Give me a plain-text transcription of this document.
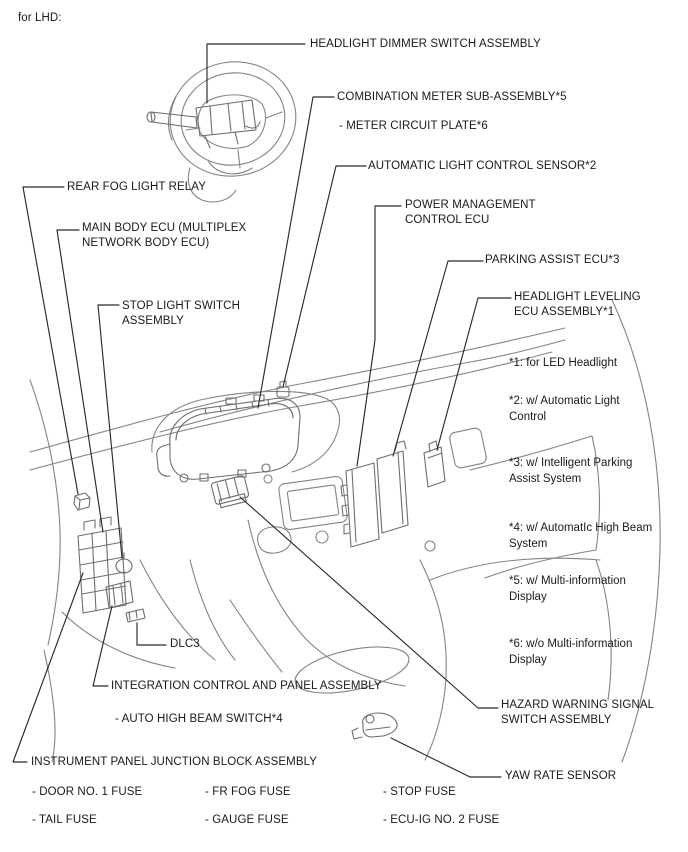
for LHD:
HEADLIGHT DIMMER SWITCH ASSEMBLY
COMBINATION METER SUB-ASSEMBLY*5
- METER CIRCUIT PLATE*6
AUTOMATIC LIGHT CONTROL SENSOR*2
POWER MANAGEMENT
CONTROL ECU
PARKING ASSIST ECU*3
HEADLIGHT LEVELING
ECU ASSEMBLY*1
REAR FOG LIGHT RELAY
MAIN BODY ECU (MULTIPLEX
NETWORK BODY ECU)
STOP LIGHT SWITCH
ASSEMBLY
DLC3
INTEGRATION CONTROL AND PANEL ASSEMBLY
- AUTO HIGH BEAM SWITCH*4
INSTRUMENT PANEL JUNCTION BLOCK ASSEMBLY
HAZARD WARNING SIGNAL
SWITCH ASSEMBLY
YAW RATE SENSOR
- DOOR NO. 1 FUSE	- FR FOG FUSE	- STOP FUSE
- TAIL FUSE	- GAUGE FUSE	- ECU-IG NO. 2 FUSE
*1: for LED Headlight
*2: w/ Automatic Light
Control
*3: w/ Intelligent Parking
Assist System
*4: w/ AutomatIc High Beam
System
*5: w/ Multi-information
Display
*6: w/o Multi-information
Display
